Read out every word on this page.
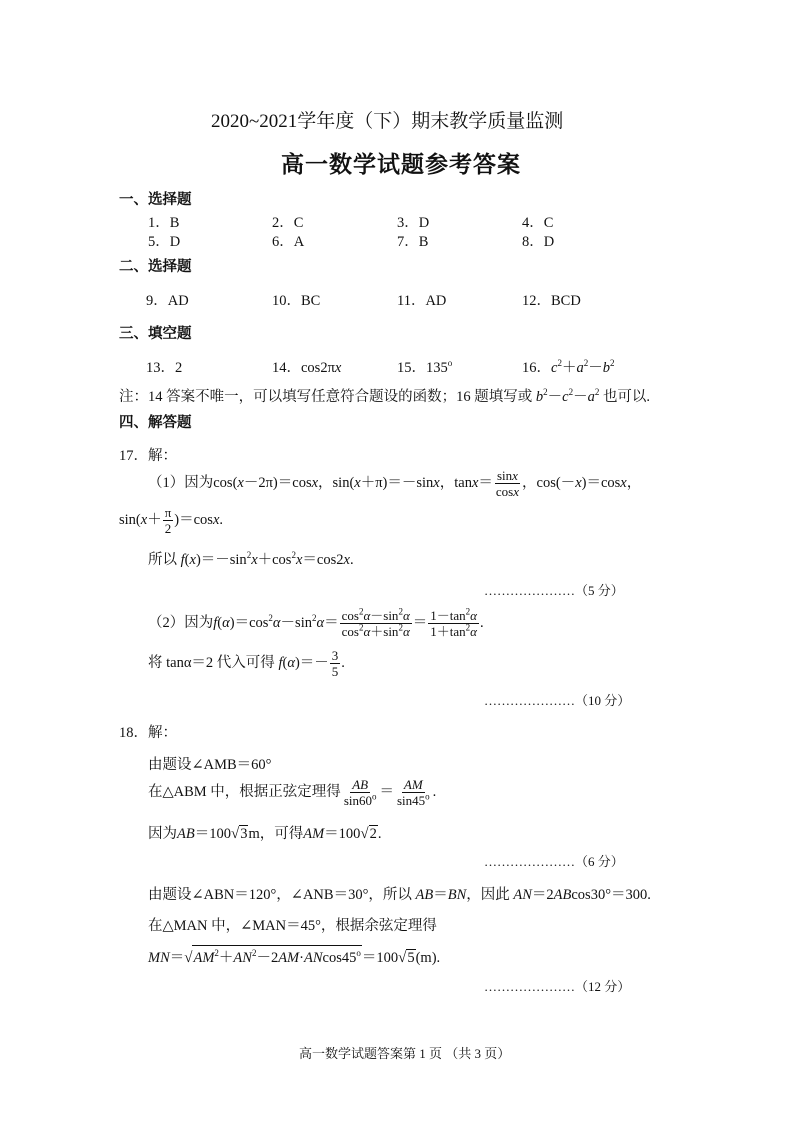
2020~2021学年度（下）期末教学质量监测
高一数学试题参考答案
一、选择题
1．B	2．C	3．D	4．C
5．D	6．A	7．B	8．D
二、选择题
9．AD	10．BC	11．AD	12．BCD
三、填空题
13．2	14．cos2πx	15．135$^o$	16．$c^2+a^2-b^2$
注：14 答案不唯一，可以填写任意符合题设的函数；16 题填写或 $b^2-c^2-a^2$ 也可以.
四、解答题
17．解：
（1）因为cos(x－2π)＝cosx，sin(x＋π)＝－sinx，$\tan x= \frac{\sin x}{\cos x}$ ，cos(－x)＝cosx，
$\sin(x+ \frac{\pi}{2} )=\cos x$.
所以 $f(x)=-\sin^2x+\cos^2x=\cos 2x$.
…………………（5 分）
（2）因为$f(\alpha)=\cos^2\alpha-\sin^2\alpha= \frac{\cos^2\alpha-\sin^2\alpha}{\cos^2\alpha+\sin^2\alpha} = \frac{1-\tan^2\alpha}{1+\tan^2\alpha}$ .
将 tanα＝2 代入可得 $f(\alpha)=- \frac{3}{5}$ .
…………………（10 分）
18．解：
由题设∠AMB＝60°
在△ABM 中，根据正弦定理得 $\frac{AB}{\sin 60^o} = \frac{AM}{\sin 45^o}$ .
因为AB＝100√3m，可得AM＝100√2.
…………………（6 分）
由题设∠ABN＝120°，∠ANB＝30°，所以 AB＝BN，因此 AN＝2ABcos30°＝300.
在△MAN 中，∠MAN＝45°，根据余弦定理得
$MN=√AM^2+AN^2-2AM\cdot ANcos45^o=100√5(m)$.
…………………（12 分）
高一数学试题答案第 1 页 （共 3 页）
